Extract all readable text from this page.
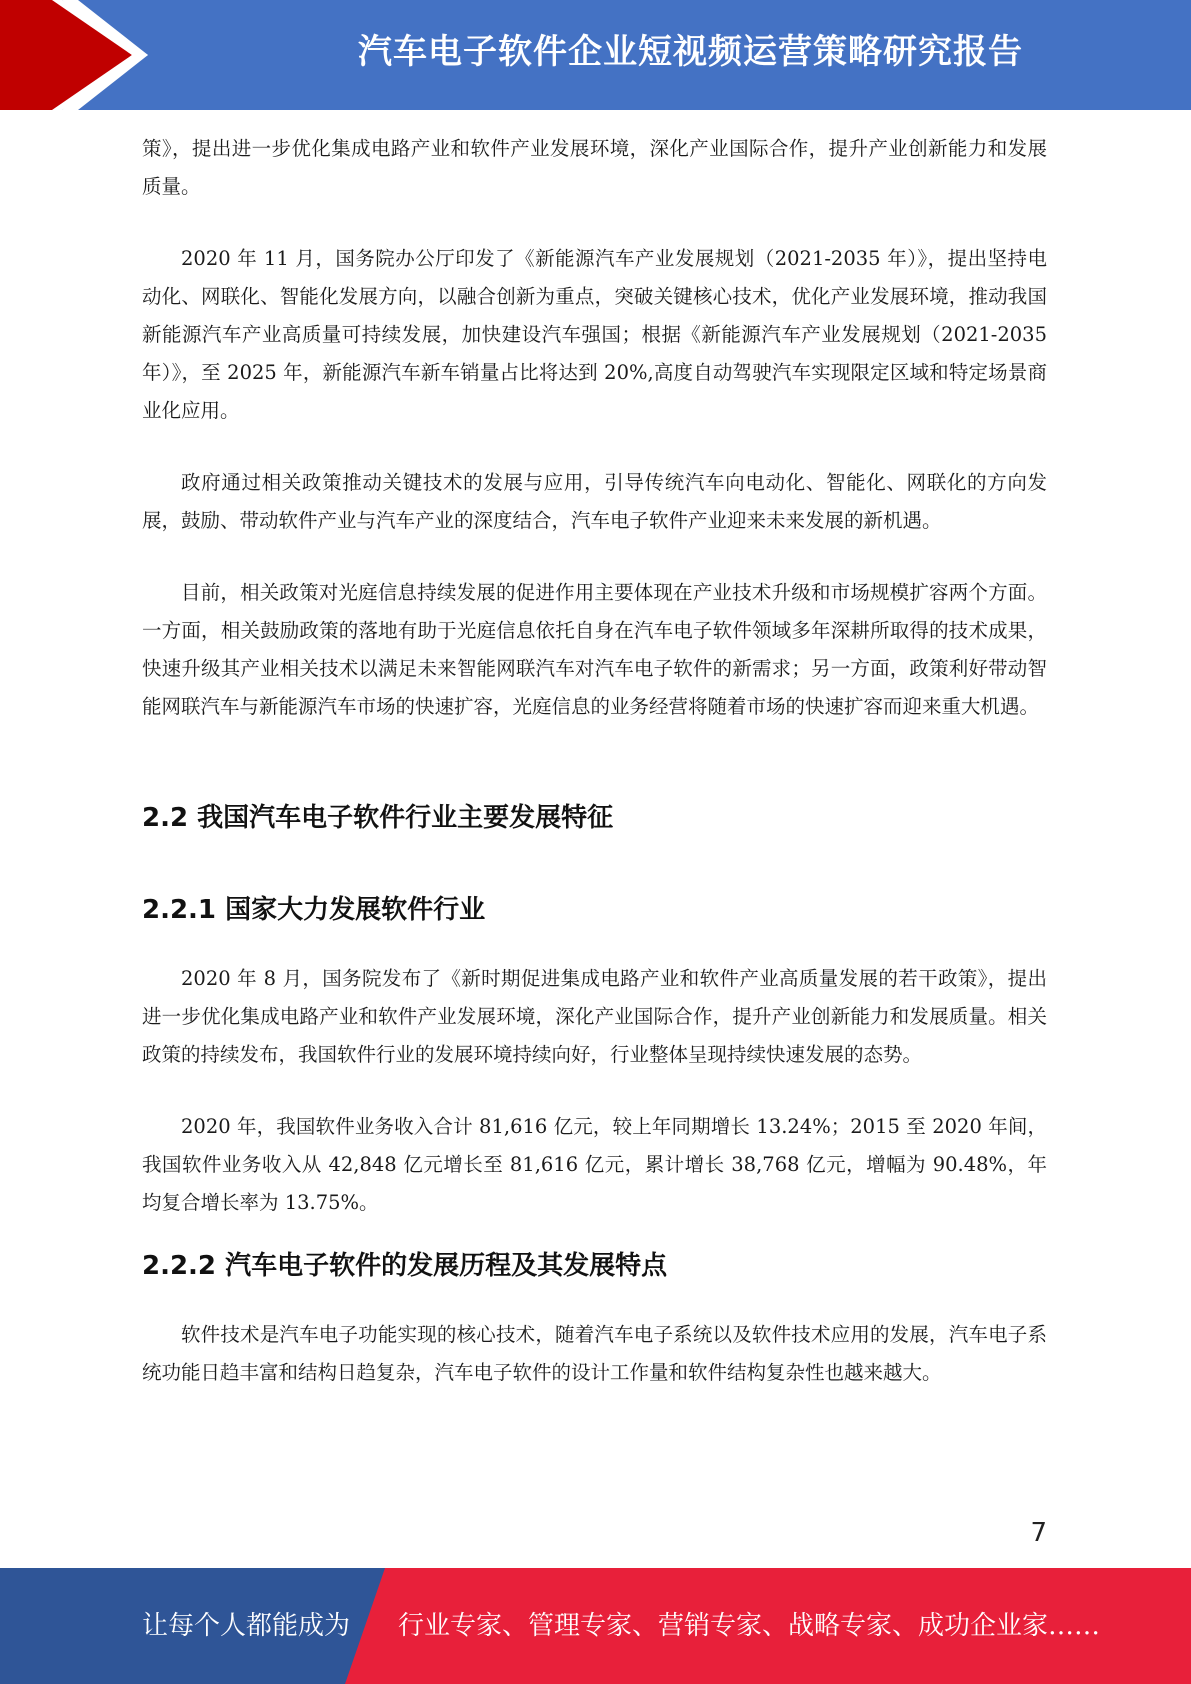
汽车电子软件企业短视频运营策略研究报告

策》，提出进一步优化集成电路产业和软件产业发展环境，深化产业国际合作，提升产业创新能力和发展质量。

2020 年 11 月，国务院办公厅印发了《新能源汽车产业发展规划（2021-2035 年）》，提出坚持电动化、网联化、智能化发展方向，以融合创新为重点，突破关键核心技术，优化产业发展环境，推动我国新能源汽车产业高质量可持续发展，加快建设汽车强国；根据《新能源汽车产业发展规划（2021-2035 年）》，至 2025 年，新能源汽车新车销量占比将达到 20%,高度自动驾驶汽车实现限定区域和特定场景商业化应用。

政府通过相关政策推动关键技术的发展与应用，引导传统汽车向电动化、智能化、网联化的方向发展，鼓励、带动软件产业与汽车产业的深度结合，汽车电子软件产业迎来未来发展的新机遇。

目前，相关政策对光庭信息持续发展的促进作用主要体现在产业技术升级和市场规模扩容两个方面。一方面，相关鼓励政策的落地有助于光庭信息依托自身在汽车电子软件领域多年深耕所取得的技术成果，快速升级其产业相关技术以满足未来智能网联汽车对汽车电子软件的新需求；另一方面，政策利好带动智能网联汽车与新能源汽车市场的快速扩容，光庭信息的业务经营将随着市场的快速扩容而迎来重大机遇。

2.2 我国汽车电子软件行业主要发展特征
2.2.1 国家大力发展软件行业

2020 年 8 月，国务院发布了《新时期促进集成电路产业和软件产业高质量发展的若干政策》，提出进一步优化集成电路产业和软件产业发展环境，深化产业国际合作，提升产业创新能力和发展质量。相关政策的持续发布，我国软件行业的发展环境持续向好，行业整体呈现持续快速发展的态势。

2020 年，我国软件业务收入合计 81,616 亿元，较上年同期增长 13.24%；2015 至 2020 年间，我国软件业务收入从 42,848 亿元增长至 81,616 亿元，累计增长 38,768 亿元，增幅为 90.48%，年均复合增长率为 13.75%。

2.2.2 汽车电子软件的发展历程及其发展特点

软件技术是汽车电子功能实现的核心技术，随着汽车电子系统以及软件技术应用的发展，汽车电子系统功能日趋丰富和结构日趋复杂，汽车电子软件的设计工作量和软件结构复杂性也越来越大。

7
让每个人都能成为 行业专家、管理专家、营销专家、战略专家、成功企业家……
